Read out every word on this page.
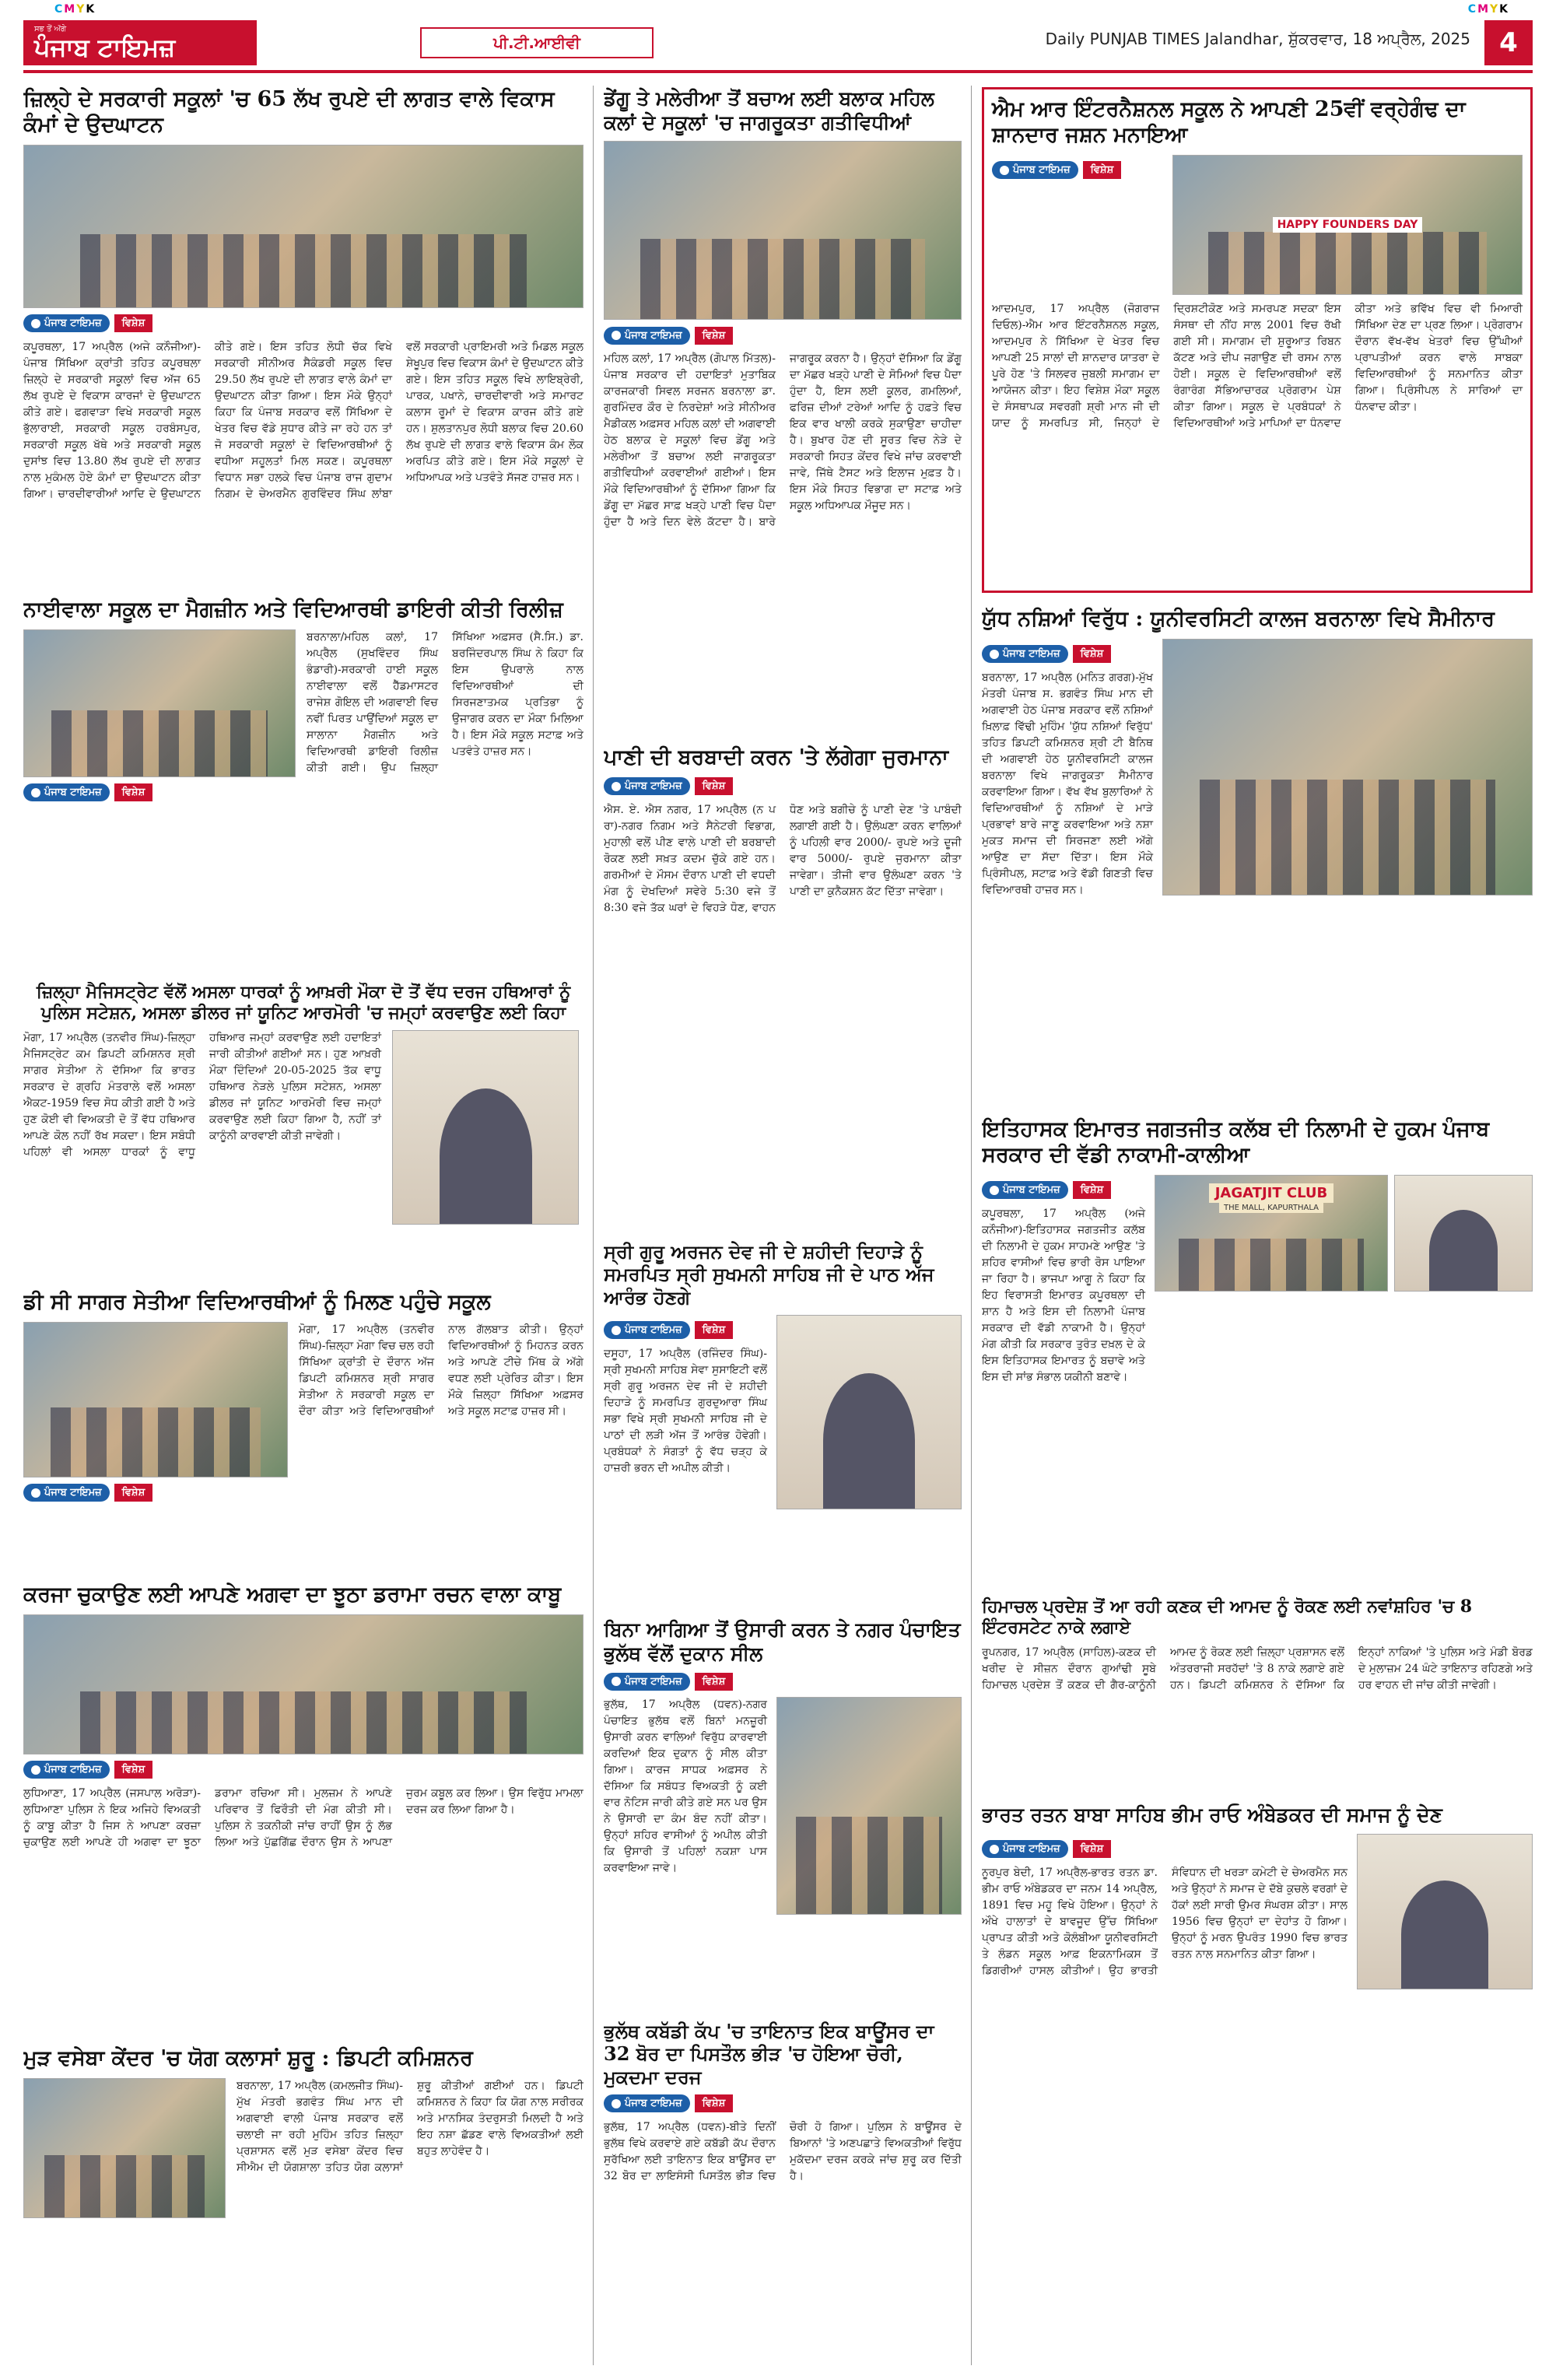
CMYK	CMYK
ਸਭ ਤੋਂ ਅੱਗੇ
ਪੰਜਾਬ ਟਾਇਮਜ਼	ਪੀ.ਟੀ.ਆਈਵੀ	Daily PUNJAB TIMES Jalandhar, ਸ਼ੁੱਕਰਵਾਰ, 18 ਅਪ੍ਰੈਲ, 2025	4
ਜ਼ਿਲ੍ਹੇ ਦੇ ਸਰਕਾਰੀ ਸਕੂਲਾਂ 'ਚ 65 ਲੱਖ ਰੁਪਏ ਦੀ ਲਾਗਤ ਵਾਲੇ ਵਿਕਾਸ ਕੰਮਾਂ ਦੇ ਉਦਘਾਟਨ
ਪੰਜਾਬ ਟਾਇਮਜ਼	ਵਿਸ਼ੇਸ਼
ਕਪੂਰਥਲਾ, 17 ਅਪ੍ਰੈਲ (ਅਜੇ ਕਨੌਜੀਆ)- ਪੰਜਾਬ ਸਿੱਖਿਆ ਕ੍ਰਾਂਤੀ ਤਹਿਤ ਕਪੂਰਥਲਾ ਜ਼ਿਲ੍ਹੇ ਦੇ ਸਰਕਾਰੀ ਸਕੂਲਾਂ ਵਿਚ ਅੱਜ 65 ਲੱਖ ਰੁਪਏ ਦੇ ਵਿਕਾਸ ਕਾਰਜਾਂ ਦੇ ਉਦਘਾਟਨ ਕੀਤੇ ਗਏ। ਫਗਵਾੜਾ ਵਿਖੇ ਸਰਕਾਰੀ ਸਕੂਲ ਭੁੱਲਾਰਾਈ, ਸਰਕਾਰੀ ਸਕੂਲ ਹਰਬੰਸਪੁਰ, ਸਰਕਾਰੀ ਸਕੂਲ ਖੱਥੇ ਅਤੇ ਸਰਕਾਰੀ ਸਕੂਲ ਦੁਸਾਂਝ ਵਿਚ 13.80 ਲੱਖ ਰੁਪਏ ਦੀ ਲਾਗਤ ਨਾਲ ਮੁਕੰਮਲ ਹੋਏ ਕੰਮਾਂ ਦਾ ਉਦਘਾਟਨ ਕੀਤਾ ਗਿਆ। ਚਾਰਦੀਵਾਰੀਆਂ ਆਦਿ ਦੇ ਉਦਘਾਟਨ ਕੀਤੇ ਗਏ। ਇਸ ਤਹਿਤ ਲੋਧੀ ਚੱਕ ਵਿਖੇ ਸਰਕਾਰੀ ਸੀਨੀਅਰ ਸੈਕੰਡਰੀ ਸਕੂਲ ਵਿਚ 29.50 ਲੱਖ ਰੁਪਏ ਦੀ ਲਾਗਤ ਵਾਲੇ ਕੰਮਾਂ ਦਾ ਉਦਘਾਟਨ ਕੀਤਾ ਗਿਆ। ਇਸ ਮੌਕੇ ਉਨ੍ਹਾਂ ਕਿਹਾ ਕਿ ਪੰਜਾਬ ਸਰਕਾਰ ਵਲੋਂ ਸਿੱਖਿਆ ਦੇ ਖੇਤਰ ਵਿਚ ਵੱਡੇ ਸੁਧਾਰ ਕੀਤੇ ਜਾ ਰਹੇ ਹਨ ਤਾਂ ਜੋ ਸਰਕਾਰੀ ਸਕੂਲਾਂ ਦੇ ਵਿਦਿਆਰਥੀਆਂ ਨੂੰ ਵਧੀਆ ਸਹੂਲਤਾਂ ਮਿਲ ਸਕਣ। ਕਪੂਰਥਲਾ ਵਿਧਾਨ ਸਭਾ ਹਲਕੇ ਵਿਚ ਪੰਜਾਬ ਰਾਜ ਗੁਦਾਮ ਨਿਗਮ ਦੇ ਚੇਅਰਮੈਨ ਗੁਰਵਿੰਦਰ ਸਿੰਘ ਲਾਂਬਾ ਵਲੋਂ ਸਰਕਾਰੀ ਪ੍ਰਾਇਮਰੀ ਅਤੇ ਮਿਡਲ ਸਕੂਲ ਸ਼ੇਖੂਪੁਰ ਵਿਚ ਵਿਕਾਸ ਕੰਮਾਂ ਦੇ ਉਦਘਾਟਨ ਕੀਤੇ ਗਏ। ਇਸ ਤਹਿਤ ਸਕੂਲ ਵਿਖੇ ਲਾਇਬ੍ਰੇਰੀ, ਪਾਰਕ, ਪਖਾਨੇ, ਚਾਰਦੀਵਾਰੀ ਅਤੇ ਸਮਾਰਟ ਕਲਾਸ ਰੂਮਾਂ ਦੇ ਵਿਕਾਸ ਕਾਰਜ ਕੀਤੇ ਗਏ ਹਨ। ਸ਼ੁਲਤਾਨਪੁਰ ਲੋਧੀ ਬਲਾਕ ਵਿਚ 20.60 ਲੱਖ ਰੁਪਏ ਦੀ ਲਾਗਤ ਵਾਲੇ ਵਿਕਾਸ ਕੰਮ ਲੋਕ ਅਰਪਿਤ ਕੀਤੇ ਗਏ। ਇਸ ਮੌਕੇ ਸਕੂਲਾਂ ਦੇ ਅਧਿਆਪਕ ਅਤੇ ਪਤਵੰਤੇ ਸੱਜਣ ਹਾਜ਼ਰ ਸਨ।
ਨਾਈਵਾਲਾ ਸਕੂਲ ਦਾ ਮੈਗਜ਼ੀਨ ਅਤੇ ਵਿਦਿਆਰਥੀ ਡਾਇਰੀ ਕੀਤੀ ਰਿਲੀਜ਼
ਪੰਜਾਬ ਟਾਇਮਜ਼	ਵਿਸ਼ੇਸ਼
ਬਰਨਾਲਾ/ਮਹਿਲ ਕਲਾਂ, 17 ਅਪ੍ਰੈਲ (ਸੁਖਵਿੰਦਰ ਸਿੰਘ ਭੰਡਾਰੀ)-ਸਰਕਾਰੀ ਹਾਈ ਸਕੂਲ ਨਾਈਵਾਲਾ ਵਲੋਂ ਹੈੱਡਮਾਸਟਰ ਰਾਜੇਸ਼ ਗੋਇਲ ਦੀ ਅਗਵਾਈ ਵਿਚ ਨਵੀਂ ਪਿਰਤ ਪਾਉਂਦਿਆਂ ਸਕੂਲ ਦਾ ਸਾਲਾਨਾ ਮੈਗਜ਼ੀਨ ਅਤੇ ਵਿਦਿਆਰਥੀ ਡਾਇਰੀ ਰਿਲੀਜ਼ ਕੀਤੀ ਗਈ। ਉਪ ਜ਼ਿਲ੍ਹਾ ਸਿੱਖਿਆ ਅਫ਼ਸਰ (ਸੈ.ਸਿ.) ਡਾ. ਬਰਜਿੰਦਰਪਾਲ ਸਿੰਘ ਨੇ ਕਿਹਾ ਕਿ ਇਸ ਉਪਰਾਲੇ ਨਾਲ ਵਿਦਿਆਰਥੀਆਂ ਦੀ ਸਿਰਜਣਾਤਮਕ ਪ੍ਰਤਿਭਾ ਨੂੰ ਉਜਾਗਰ ਕਰਨ ਦਾ ਮੌਕਾ ਮਿਲਿਆ ਹੈ। ਇਸ ਮੌਕੇ ਸਕੂਲ ਸਟਾਫ਼ ਅਤੇ ਪਤਵੰਤੇ ਹਾਜ਼ਰ ਸਨ।
ਜ਼ਿਲ੍ਹਾ ਮੈਜਿਸਟ੍ਰੇਟ ਵੱਲੋਂ ਅਸਲਾ ਧਾਰਕਾਂ ਨੂੰ ਆਖ਼ਰੀ ਮੌਕਾ ਦੋ ਤੋਂ ਵੱਧ ਦਰਜ ਹਥਿਆਰਾਂ ਨੂੰ ਪੁਲਿਸ ਸਟੇਸ਼ਨ, ਅਸਲਾ ਡੀਲਰ ਜਾਂ ਯੂਨਿਟ ਆਰਮੋਰੀ 'ਚ ਜਮ੍ਹਾਂ ਕਰਵਾਉਣ ਲਈ ਕਿਹਾ
ਮੋਗਾ, 17 ਅਪ੍ਰੈਲ (ਤਨਵੀਰ ਸਿੰਘ)-ਜ਼ਿਲ੍ਹਾ ਮੈਜਿਸਟ੍ਰੇਟ ਕਮ ਡਿਪਟੀ ਕਮਿਸ਼ਨਰ ਸ਼੍ਰੀ ਸਾਗਰ ਸੇਤੀਆ ਨੇ ਦੱਸਿਆ ਕਿ ਭਾਰਤ ਸਰਕਾਰ ਦੇ ਗ੍ਰਹਿ ਮੰਤਰਾਲੇ ਵਲੋਂ ਅਸਲਾ ਐਕਟ-1959 ਵਿਚ ਸੋਧ ਕੀਤੀ ਗਈ ਹੈ ਅਤੇ ਹੁਣ ਕੋਈ ਵੀ ਵਿਅਕਤੀ ਦੋ ਤੋਂ ਵੱਧ ਹਥਿਆਰ ਆਪਣੇ ਕੋਲ ਨਹੀਂ ਰੱਖ ਸਕਦਾ। ਇਸ ਸਬੰਧੀ ਪਹਿਲਾਂ ਵੀ ਅਸਲਾ ਧਾਰਕਾਂ ਨੂੰ ਵਾਧੂ ਹਥਿਆਰ ਜਮ੍ਹਾਂ ਕਰਵਾਉਣ ਲਈ ਹਦਾਇਤਾਂ ਜਾਰੀ ਕੀਤੀਆਂ ਗਈਆਂ ਸਨ। ਹੁਣ ਆਖ਼ਰੀ ਮੌਕਾ ਦਿੰਦਿਆਂ 20-05-2025 ਤੱਕ ਵਾਧੂ ਹਥਿਆਰ ਨੇੜਲੇ ਪੁਲਿਸ ਸਟੇਸ਼ਨ, ਅਸਲਾ ਡੀਲਰ ਜਾਂ ਯੂਨਿਟ ਆਰਮੋਰੀ ਵਿਚ ਜਮ੍ਹਾਂ ਕਰਵਾਉਣ ਲਈ ਕਿਹਾ ਗਿਆ ਹੈ, ਨਹੀਂ ਤਾਂ ਕਾਨੂੰਨੀ ਕਾਰਵਾਈ ਕੀਤੀ ਜਾਵੇਗੀ।
ਡੀ ਸੀ ਸਾਗਰ ਸੇਤੀਆ ਵਿਦਿਆਰਥੀਆਂ ਨੂੰ ਮਿਲਣ ਪਹੁੰਚੇ ਸਕੂਲ
ਪੰਜਾਬ ਟਾਇਮਜ਼	ਵਿਸ਼ੇਸ਼
ਮੋਗਾ, 17 ਅਪ੍ਰੈਲ (ਤਨਵੀਰ ਸਿੰਘ)-ਜ਼ਿਲ੍ਹਾ ਮੋਗਾ ਵਿਚ ਚਲ ਰਹੀ ਸਿੱਖਿਆ ਕ੍ਰਾਂਤੀ ਦੇ ਦੌਰਾਨ ਅੱਜ ਡਿਪਟੀ ਕਮਿਸ਼ਨਰ ਸ਼੍ਰੀ ਸਾਗਰ ਸੇਤੀਆ ਨੇ ਸਰਕਾਰੀ ਸਕੂਲ ਦਾ ਦੌਰਾ ਕੀਤਾ ਅਤੇ ਵਿਦਿਆਰਥੀਆਂ ਨਾਲ ਗੱਲਬਾਤ ਕੀਤੀ। ਉਨ੍ਹਾਂ ਵਿਦਿਆਰਥੀਆਂ ਨੂੰ ਮਿਹਨਤ ਕਰਨ ਅਤੇ ਆਪਣੇ ਟੀਚੇ ਮਿੱਥ ਕੇ ਅੱਗੇ ਵਧਣ ਲਈ ਪ੍ਰੇਰਿਤ ਕੀਤਾ। ਇਸ ਮੌਕੇ ਜ਼ਿਲ੍ਹਾ ਸਿੱਖਿਆ ਅਫ਼ਸਰ ਅਤੇ ਸਕੂਲ ਸਟਾਫ਼ ਹਾਜ਼ਰ ਸੀ।
ਕਰਜਾ ਚੁਕਾਉਣ ਲਈ ਆਪਣੇ ਅਗਵਾ ਦਾ ਝੂਠਾ ਡਰਾਮਾ ਰਚਨ ਵਾਲਾ ਕਾਬੂ
ਪੰਜਾਬ ਟਾਇਮਜ਼	ਵਿਸ਼ੇਸ਼
ਲੁਧਿਆਣਾ, 17 ਅਪ੍ਰੈਲ (ਜਸਪਾਲ ਅਰੋੜਾ)-ਲੁਧਿਆਣਾ ਪੁਲਿਸ ਨੇ ਇਕ ਅਜਿਹੇ ਵਿਅਕਤੀ ਨੂੰ ਕਾਬੂ ਕੀਤਾ ਹੈ ਜਿਸ ਨੇ ਆਪਣਾ ਕਰਜ਼ਾ ਚੁਕਾਉਣ ਲਈ ਆਪਣੇ ਹੀ ਅਗਵਾ ਦਾ ਝੂਠਾ ਡਰਾਮਾ ਰਚਿਆ ਸੀ। ਮੁਲਜ਼ਮ ਨੇ ਆਪਣੇ ਪਰਿਵਾਰ ਤੋਂ ਫਿਰੌਤੀ ਦੀ ਮੰਗ ਕੀਤੀ ਸੀ। ਪੁਲਿਸ ਨੇ ਤਕਨੀਕੀ ਜਾਂਚ ਰਾਹੀਂ ਉਸ ਨੂੰ ਲੱਭ ਲਿਆ ਅਤੇ ਪੁੱਛਗਿੱਛ ਦੌਰਾਨ ਉਸ ਨੇ ਆਪਣਾ ਜੁਰਮ ਕਬੂਲ ਕਰ ਲਿਆ। ਉਸ ਵਿਰੁੱਧ ਮਾਮਲਾ ਦਰਜ ਕਰ ਲਿਆ ਗਿਆ ਹੈ।
ਮੁੜ ਵਸੇਬਾ ਕੇਂਦਰ 'ਚ ਯੋਗ ਕਲਾਸਾਂ ਸ਼ੁਰੂ : ਡਿਪਟੀ ਕਮਿਸ਼ਨਰ
ਬਰਨਾਲਾ, 17 ਅਪ੍ਰੈਲ (ਕਮਲਜੀਤ ਸਿੰਘ)-ਮੁੱਖ ਮੰਤਰੀ ਭਗਵੰਤ ਸਿੰਘ ਮਾਨ ਦੀ ਅਗਵਾਈ ਵਾਲੀ ਪੰਜਾਬ ਸਰਕਾਰ ਵਲੋਂ ਚਲਾਈ ਜਾ ਰਹੀ ਮੁਹਿੰਮ ਤਹਿਤ ਜ਼ਿਲ੍ਹਾ ਪ੍ਰਸ਼ਾਸਨ ਵਲੋਂ ਮੁੜ ਵਸੇਬਾ ਕੇਂਦਰ ਵਿਚ ਸੀਐਮ ਦੀ ਯੋਗਸ਼ਾਲਾ ਤਹਿਤ ਯੋਗ ਕਲਾਸਾਂ ਸ਼ੁਰੂ ਕੀਤੀਆਂ ਗਈਆਂ ਹਨ। ਡਿਪਟੀ ਕਮਿਸ਼ਨਰ ਨੇ ਕਿਹਾ ਕਿ ਯੋਗ ਨਾਲ ਸਰੀਰਕ ਅਤੇ ਮਾਨਸਿਕ ਤੰਦਰੁਸਤੀ ਮਿਲਦੀ ਹੈ ਅਤੇ ਇਹ ਨਸ਼ਾ ਛੱਡਣ ਵਾਲੇ ਵਿਅਕਤੀਆਂ ਲਈ ਬਹੁਤ ਲਾਹੇਵੰਦ ਹੈ।
ਡੇਂਗੂ ਤੇ ਮਲੇਰੀਆ ਤੋਂ ਬਚਾਅ ਲਈ ਬਲਾਕ ਮਹਿਲ ਕਲਾਂ ਦੇ ਸਕੂਲਾਂ 'ਚ ਜਾਗਰੂਕਤਾ ਗਤੀਵਿਧੀਆਂ
ਪੰਜਾਬ ਟਾਇਮਜ਼	ਵਿਸ਼ੇਸ਼
ਮਹਿਲ ਕਲਾਂ, 17 ਅਪ੍ਰੈਲ (ਗੋਪਾਲ ਮਿੱਤਲ)-ਪੰਜਾਬ ਸਰਕਾਰ ਦੀ ਹਦਾਇਤਾਂ ਮੁਤਾਬਿਕ ਕਾਰਜਕਾਰੀ ਸਿਵਲ ਸਰਜਨ ਬਰਨਾਲਾ ਡਾ. ਗੁਰਮਿੰਦਰ ਕੌਰ ਦੇ ਨਿਰਦੇਸ਼ਾਂ ਅਤੇ ਸੀਨੀਅਰ ਮੈਡੀਕਲ ਅਫ਼ਸਰ ਮਹਿਲ ਕਲਾਂ ਦੀ ਅਗਵਾਈ ਹੇਠ ਬਲਾਕ ਦੇ ਸਕੂਲਾਂ ਵਿਚ ਡੇਂਗੂ ਅਤੇ ਮਲੇਰੀਆ ਤੋਂ ਬਚਾਅ ਲਈ ਜਾਗਰੂਕਤਾ ਗਤੀਵਿਧੀਆਂ ਕਰਵਾਈਆਂ ਗਈਆਂ। ਇਸ ਮੌਕੇ ਵਿਦਿਆਰਥੀਆਂ ਨੂੰ ਦੱਸਿਆ ਗਿਆ ਕਿ ਡੇਂਗੂ ਦਾ ਮੱਛਰ ਸਾਫ਼ ਖੜ੍ਹੇ ਪਾਣੀ ਵਿਚ ਪੈਦਾ ਹੁੰਦਾ ਹੈ ਅਤੇ ਦਿਨ ਵੇਲੇ ਕੱਟਦਾ ਹੈ। ਬਾਰੇ ਜਾਗਰੂਕ ਕਰਨਾ ਹੈ। ਉਨ੍ਹਾਂ ਦੱਸਿਆ ਕਿ ਡੇਂਗੂ ਦਾ ਮੱਛਰ ਖੜ੍ਹੇ ਪਾਣੀ ਦੇ ਸੋਮਿਆਂ ਵਿਚ ਪੈਦਾ ਹੁੰਦਾ ਹੈ, ਇਸ ਲਈ ਕੂਲਰ, ਗਮਲਿਆਂ, ਫਰਿਜ਼ ਦੀਆਂ ਟਰੇਆਂ ਆਦਿ ਨੂੰ ਹਫ਼ਤੇ ਵਿਚ ਇਕ ਵਾਰ ਖਾਲੀ ਕਰਕੇ ਸੁਕਾਉਣਾ ਚਾਹੀਦਾ ਹੈ। ਬੁਖਾਰ ਹੋਣ ਦੀ ਸੂਰਤ ਵਿਚ ਨੇੜੇ ਦੇ ਸਰਕਾਰੀ ਸਿਹਤ ਕੇਂਦਰ ਵਿਖੇ ਜਾਂਚ ਕਰਵਾਈ ਜਾਵੇ, ਜਿੱਥੇ ਟੈਸਟ ਅਤੇ ਇਲਾਜ ਮੁਫ਼ਤ ਹੈ। ਇਸ ਮੌਕੇ ਸਿਹਤ ਵਿਭਾਗ ਦਾ ਸਟਾਫ਼ ਅਤੇ ਸਕੂਲ ਅਧਿਆਪਕ ਮੌਜੂਦ ਸਨ।
ਪਾਣੀ ਦੀ ਬਰਬਾਦੀ ਕਰਨ 'ਤੇ ਲੱਗੇਗਾ ਜੁਰਮਾਨਾ
ਪੰਜਾਬ ਟਾਇਮਜ਼	ਵਿਸ਼ੇਸ਼
ਐਸ. ਏ. ਐਸ ਨਗਰ, 17 ਅਪ੍ਰੈਲ (ਨ ਪ ਰਾ)-ਨਗਰ ਨਿਗਮ ਅਤੇ ਸੈਨੇਟਰੀ ਵਿਭਾਗ, ਮੁਹਾਲੀ ਵਲੋਂ ਪੀਣ ਵਾਲੇ ਪਾਣੀ ਦੀ ਬਰਬਾਦੀ ਰੋਕਣ ਲਈ ਸਖ਼ਤ ਕਦਮ ਚੁੱਕੇ ਗਏ ਹਨ। ਗਰਮੀਆਂ ਦੇ ਮੌਸਮ ਦੌਰਾਨ ਪਾਣੀ ਦੀ ਵਧਦੀ ਮੰਗ ਨੂੰ ਦੇਖਦਿਆਂ ਸਵੇਰੇ 5:30 ਵਜੇ ਤੋਂ 8:30 ਵਜੇ ਤੱਕ ਘਰਾਂ ਦੇ ਵਿਹੜੇ ਧੋਣ, ਵਾਹਨ ਧੋਣ ਅਤੇ ਬਗੀਚੇ ਨੂੰ ਪਾਣੀ ਦੇਣ 'ਤੇ ਪਾਬੰਦੀ ਲਗਾਈ ਗਈ ਹੈ। ਉਲੰਘਣਾ ਕਰਨ ਵਾਲਿਆਂ ਨੂੰ ਪਹਿਲੀ ਵਾਰ 2000/- ਰੁਪਏ ਅਤੇ ਦੂਜੀ ਵਾਰ 5000/- ਰੁਪਏ ਜੁਰਮਾਨਾ ਕੀਤਾ ਜਾਵੇਗਾ। ਤੀਜੀ ਵਾਰ ਉਲੰਘਣਾ ਕਰਨ 'ਤੇ ਪਾਣੀ ਦਾ ਕੁਨੈਕਸ਼ਨ ਕੱਟ ਦਿੱਤਾ ਜਾਵੇਗਾ।
ਸ੍ਰੀ ਗੁਰੂ ਅਰਜਨ ਦੇਵ ਜੀ ਦੇ ਸ਼ਹੀਦੀ ਦਿਹਾੜੇ ਨੂੰ ਸਮਰਪਿਤ ਸ੍ਰੀ ਸੁਖਮਨੀ ਸਾਹਿਬ ਜੀ ਦੇ ਪਾਠ ਅੱਜ ਆਰੰਭ ਹੋਣਗੇ
ਪੰਜਾਬ ਟਾਇਮਜ਼	ਵਿਸ਼ੇਸ਼
ਦਸੂਹਾ, 17 ਅਪ੍ਰੈਲ (ਰਜਿੰਦਰ ਸਿੰਘ)-ਸ੍ਰੀ ਸੁਖਮਨੀ ਸਾਹਿਬ ਸੇਵਾ ਸੁਸਾਇਟੀ ਵਲੋਂ ਸ੍ਰੀ ਗੁਰੂ ਅਰਜਨ ਦੇਵ ਜੀ ਦੇ ਸ਼ਹੀਦੀ ਦਿਹਾੜੇ ਨੂੰ ਸਮਰਪਿਤ ਗੁਰਦੁਆਰਾ ਸਿੰਘ ਸਭਾ ਵਿਖੇ ਸ੍ਰੀ ਸੁਖਮਨੀ ਸਾਹਿਬ ਜੀ ਦੇ ਪਾਠਾਂ ਦੀ ਲੜੀ ਅੱਜ ਤੋਂ ਆਰੰਭ ਹੋਵੇਗੀ। ਪ੍ਰਬੰਧਕਾਂ ਨੇ ਸੰਗਤਾਂ ਨੂੰ ਵੱਧ ਚੜ੍ਹ ਕੇ ਹਾਜ਼ਰੀ ਭਰਨ ਦੀ ਅਪੀਲ ਕੀਤੀ।
ਬਿਨਾ ਆਗਿਆ ਤੋਂ ਉਸਾਰੀ ਕਰਨ ਤੇ ਨਗਰ ਪੰਚਾਇਤ ਭੁਲੱਥ ਵੱਲੋਂ ਦੁਕਾਨ ਸੀਲ
ਪੰਜਾਬ ਟਾਇਮਜ਼	ਵਿਸ਼ੇਸ਼
ਭੁਲੱਥ, 17 ਅਪ੍ਰੈਲ (ਧਵਨ)-ਨਗਰ ਪੰਚਾਇਤ ਭੁਲੱਥ ਵਲੋਂ ਬਿਨਾਂ ਮਨਜ਼ੂਰੀ ਉਸਾਰੀ ਕਰਨ ਵਾਲਿਆਂ ਵਿਰੁੱਧ ਕਾਰਵਾਈ ਕਰਦਿਆਂ ਇਕ ਦੁਕਾਨ ਨੂੰ ਸੀਲ ਕੀਤਾ ਗਿਆ। ਕਾਰਜ ਸਾਧਕ ਅਫ਼ਸਰ ਨੇ ਦੱਸਿਆ ਕਿ ਸਬੰਧਤ ਵਿਅਕਤੀ ਨੂੰ ਕਈ ਵਾਰ ਨੋਟਿਸ ਜਾਰੀ ਕੀਤੇ ਗਏ ਸਨ ਪਰ ਉਸ ਨੇ ਉਸਾਰੀ ਦਾ ਕੰਮ ਬੰਦ ਨਹੀਂ ਕੀਤਾ। ਉਨ੍ਹਾਂ ਸ਼ਹਿਰ ਵਾਸੀਆਂ ਨੂੰ ਅਪੀਲ ਕੀਤੀ ਕਿ ਉਸਾਰੀ ਤੋਂ ਪਹਿਲਾਂ ਨਕਸ਼ਾ ਪਾਸ ਕਰਵਾਇਆ ਜਾਵੇ।
ਭੁਲੱਥ ਕਬੱਡੀ ਕੱਪ 'ਚ ਤਾਇਨਾਤ ਇਕ ਬਾਊਂਸਰ ਦਾ 32 ਬੋਰ ਦਾ ਪਿਸਤੌਲ ਭੀੜ 'ਚ ਹੋਇਆ ਚੋਰੀ, ਮੁਕਦਮਾ ਦਰਜ
ਪੰਜਾਬ ਟਾਇਮਜ਼	ਵਿਸ਼ੇਸ਼
ਭੁਲੱਥ, 17 ਅਪ੍ਰੈਲ (ਧਵਨ)-ਬੀਤੇ ਦਿਨੀਂ ਭੁਲੱਥ ਵਿਖੇ ਕਰਵਾਏ ਗਏ ਕਬੱਡੀ ਕੱਪ ਦੌਰਾਨ ਸੁਰੱਖਿਆ ਲਈ ਤਾਇਨਾਤ ਇਕ ਬਾਊਂਸਰ ਦਾ 32 ਬੋਰ ਦਾ ਲਾਇਸੰਸੀ ਪਿਸਤੌਲ ਭੀੜ ਵਿਚ ਚੋਰੀ ਹੋ ਗਿਆ। ਪੁਲਿਸ ਨੇ ਬਾਊਂਸਰ ਦੇ ਬਿਆਨਾਂ 'ਤੇ ਅਣਪਛਾਤੇ ਵਿਅਕਤੀਆਂ ਵਿਰੁੱਧ ਮੁਕੱਦਮਾ ਦਰਜ ਕਰਕੇ ਜਾਂਚ ਸ਼ੁਰੂ ਕਰ ਦਿੱਤੀ ਹੈ।
ਐਮ ਆਰ ਇੰਟਰਨੈਸ਼ਨਲ ਸਕੂਲ ਨੇ ਆਪਣੀ 25ਵੀਂ ਵਰ੍ਹੇਗੰਢ ਦਾ ਸ਼ਾਨਦਾਰ ਜਸ਼ਨ ਮਨਾਇਆ
ਪੰਜਾਬ ਟਾਇਮਜ਼	ਵਿਸ਼ੇਸ਼
HAPPY FOUNDERS DAY
ਆਦਮਪੁਰ, 17 ਅਪ੍ਰੈਲ (ਜੋਗਰਾਜ ਦਿਓਲ)-ਐਮ ਆਰ ਇੰਟਰਨੈਸ਼ਨਲ ਸਕੂਲ, ਆਦਮਪੁਰ ਨੇ ਸਿੱਖਿਆ ਦੇ ਖੇਤਰ ਵਿਚ ਆਪਣੀ 25 ਸਾਲਾਂ ਦੀ ਸ਼ਾਨਦਾਰ ਯਾਤਰਾ ਦੇ ਪੂਰੇ ਹੋਣ 'ਤੇ ਸਿਲਵਰ ਜੁਬਲੀ ਸਮਾਗਮ ਦਾ ਆਯੋਜਨ ਕੀਤਾ। ਇਹ ਵਿਸ਼ੇਸ਼ ਮੌਕਾ ਸਕੂਲ ਦੇ ਸੰਸਥਾਪਕ ਸਵਰਗੀ ਸ਼੍ਰੀ ਮਾਨ ਜੀ ਦੀ ਯਾਦ ਨੂੰ ਸਮਰਪਿਤ ਸੀ, ਜਿਨ੍ਹਾਂ ਦੇ ਦ੍ਰਿਸ਼ਟੀਕੋਣ ਅਤੇ ਸਮਰਪਣ ਸਦਕਾ ਇਸ ਸੰਸਥਾ ਦੀ ਨੀਂਹ ਸਾਲ 2001 ਵਿਚ ਰੱਖੀ ਗਈ ਸੀ। ਸਮਾਗਮ ਦੀ ਸ਼ੁਰੂਆਤ ਰਿਬਨ ਕੱਟਣ ਅਤੇ ਦੀਪ ਜਗਾਉਣ ਦੀ ਰਸਮ ਨਾਲ ਹੋਈ। ਸਕੂਲ ਦੇ ਵਿਦਿਆਰਥੀਆਂ ਵਲੋਂ ਰੰਗਾਰੰਗ ਸੱਭਿਆਚਾਰਕ ਪ੍ਰੋਗਰਾਮ ਪੇਸ਼ ਕੀਤਾ ਗਿਆ। ਸਕੂਲ ਦੇ ਪ੍ਰਬੰਧਕਾਂ ਨੇ ਵਿਦਿਆਰਥੀਆਂ ਅਤੇ ਮਾਪਿਆਂ ਦਾ ਧੰਨਵਾਦ ਕੀਤਾ ਅਤੇ ਭਵਿੱਖ ਵਿਚ ਵੀ ਮਿਆਰੀ ਸਿੱਖਿਆ ਦੇਣ ਦਾ ਪ੍ਰਣ ਲਿਆ। ਪ੍ਰੋਗਰਾਮ ਦੌਰਾਨ ਵੱਖ-ਵੱਖ ਖੇਤਰਾਂ ਵਿਚ ਉੱਘੀਆਂ ਪ੍ਰਾਪਤੀਆਂ ਕਰਨ ਵਾਲੇ ਸਾਬਕਾ ਵਿਦਿਆਰਥੀਆਂ ਨੂੰ ਸਨਮਾਨਿਤ ਕੀਤਾ ਗਿਆ। ਪ੍ਰਿੰਸੀਪਲ ਨੇ ਸਾਰਿਆਂ ਦਾ ਧੰਨਵਾਦ ਕੀਤਾ।
ਯੁੱਧ ਨਸ਼ਿਆਂ ਵਿਰੁੱਧ : ਯੂਨੀਵਰਸਿਟੀ ਕਾਲਜ ਬਰਨਾਲਾ ਵਿਖੇ ਸੈਮੀਨਾਰ
ਪੰਜਾਬ ਟਾਇਮਜ਼	ਵਿਸ਼ੇਸ਼
ਬਰਨਾਲਾ, 17 ਅਪ੍ਰੈਲ (ਮਨਿਤ ਗਰਗ)-ਮੁੱਖ ਮੰਤਰੀ ਪੰਜਾਬ ਸ. ਭਗਵੰਤ ਸਿੰਘ ਮਾਨ ਦੀ ਅਗਵਾਈ ਹੇਠ ਪੰਜਾਬ ਸਰਕਾਰ ਵਲੋਂ ਨਸ਼ਿਆਂ ਖ਼ਿਲਾਫ਼ ਵਿੱਢੀ ਮੁਹਿੰਮ 'ਯੁੱਧ ਨਸ਼ਿਆਂ ਵਿਰੁੱਧ' ਤਹਿਤ ਡਿਪਟੀ ਕਮਿਸ਼ਨਰ ਸ਼੍ਰੀ ਟੀ ਬੈਨਿਥ ਦੀ ਅਗਵਾਈ ਹੇਠ ਯੂਨੀਵਰਸਿਟੀ ਕਾਲਜ ਬਰਨਾਲਾ ਵਿਖੇ ਜਾਗਰੂਕਤਾ ਸੈਮੀਨਾਰ ਕਰਵਾਇਆ ਗਿਆ। ਵੱਖ ਵੱਖ ਬੁਲਾਰਿਆਂ ਨੇ ਵਿਦਿਆਰਥੀਆਂ ਨੂੰ ਨਸ਼ਿਆਂ ਦੇ ਮਾੜੇ ਪ੍ਰਭਾਵਾਂ ਬਾਰੇ ਜਾਣੂ ਕਰਵਾਇਆ ਅਤੇ ਨਸ਼ਾ ਮੁਕਤ ਸਮਾਜ ਦੀ ਸਿਰਜਣਾ ਲਈ ਅੱਗੇ ਆਉਣ ਦਾ ਸੱਦਾ ਦਿੱਤਾ। ਇਸ ਮੌਕੇ ਪ੍ਰਿੰਸੀਪਲ, ਸਟਾਫ਼ ਅਤੇ ਵੱਡੀ ਗਿਣਤੀ ਵਿਚ ਵਿਦਿਆਰਥੀ ਹਾਜ਼ਰ ਸਨ।
ਇਤਿਹਾਸਕ ਇਮਾਰਤ ਜਗਤਜੀਤ ਕਲੱਬ ਦੀ ਨਿਲਾਮੀ ਦੇ ਹੁਕਮ ਪੰਜਾਬ ਸਰਕਾਰ ਦੀ ਵੱਡੀ ਨਾਕਾਮੀ-ਕਾਲੀਆ
ਪੰਜਾਬ ਟਾਇਮਜ਼	ਵਿਸ਼ੇਸ਼
ਕਪੂਰਥਲਾ, 17 ਅਪ੍ਰੈਲ (ਅਜੇ ਕਨੌਜੀਆ)-ਇਤਿਹਾਸਕ ਜਗਤਜੀਤ ਕਲੱਬ ਦੀ ਨਿਲਾਮੀ ਦੇ ਹੁਕਮ ਸਾਹਮਣੇ ਆਉਣ 'ਤੇ ਸ਼ਹਿਰ ਵਾਸੀਆਂ ਵਿਚ ਭਾਰੀ ਰੋਸ ਪਾਇਆ ਜਾ ਰਿਹਾ ਹੈ। ਭਾਜਪਾ ਆਗੂ ਨੇ ਕਿਹਾ ਕਿ ਇਹ ਵਿਰਾਸਤੀ ਇਮਾਰਤ ਕਪੂਰਥਲਾ ਦੀ ਸ਼ਾਨ ਹੈ ਅਤੇ ਇਸ ਦੀ ਨਿਲਾਮੀ ਪੰਜਾਬ ਸਰਕਾਰ ਦੀ ਵੱਡੀ ਨਾਕਾਮੀ ਹੈ। ਉਨ੍ਹਾਂ ਮੰਗ ਕੀਤੀ ਕਿ ਸਰਕਾਰ ਤੁਰੰਤ ਦਖ਼ਲ ਦੇ ਕੇ ਇਸ ਇਤਿਹਾਸਕ ਇਮਾਰਤ ਨੂੰ ਬਚਾਵੇ ਅਤੇ ਇਸ ਦੀ ਸਾਂਭ ਸੰਭਾਲ ਯਕੀਨੀ ਬਣਾਵੇ।
JAGATJIT CLUB
THE MALL, KAPURTHALA
ਹਿਮਾਚਲ ਪ੍ਰਦੇਸ਼ ਤੋਂ ਆ ਰਹੀ ਕਣਕ ਦੀ ਆਮਦ ਨੂੰ ਰੋਕਣ ਲਈ ਨਵਾਂਸ਼ਹਿਰ 'ਚ 8 ਇੰਟਰਸਟੇਟ ਨਾਕੇ ਲਗਾਏ
ਰੂਪਨਗਰ, 17 ਅਪ੍ਰੈਲ (ਸਾਹਿਲ)-ਕਣਕ ਦੀ ਖਰੀਦ ਦੇ ਸੀਜ਼ਨ ਦੌਰਾਨ ਗੁਆਂਢੀ ਸੂਬੇ ਹਿਮਾਚਲ ਪ੍ਰਦੇਸ਼ ਤੋਂ ਕਣਕ ਦੀ ਗੈਰ-ਕਾਨੂੰਨੀ ਆਮਦ ਨੂੰ ਰੋਕਣ ਲਈ ਜ਼ਿਲ੍ਹਾ ਪ੍ਰਸ਼ਾਸਨ ਵਲੋਂ ਅੰਤਰਰਾਜੀ ਸਰਹੱਦਾਂ 'ਤੇ 8 ਨਾਕੇ ਲਗਾਏ ਗਏ ਹਨ। ਡਿਪਟੀ ਕਮਿਸ਼ਨਰ ਨੇ ਦੱਸਿਆ ਕਿ ਇਨ੍ਹਾਂ ਨਾਕਿਆਂ 'ਤੇ ਪੁਲਿਸ ਅਤੇ ਮੰਡੀ ਬੋਰਡ ਦੇ ਮੁਲਾਜ਼ਮ 24 ਘੰਟੇ ਤਾਇਨਾਤ ਰਹਿਣਗੇ ਅਤੇ ਹਰ ਵਾਹਨ ਦੀ ਜਾਂਚ ਕੀਤੀ ਜਾਵੇਗੀ।
ਭਾਰਤ ਰਤਨ ਬਾਬਾ ਸਾਹਿਬ ਭੀਮ ਰਾਓ ਅੰਬੇਡਕਰ ਦੀ ਸਮਾਜ ਨੂੰ ਦੇਣ
ਪੰਜਾਬ ਟਾਇਮਜ਼	ਵਿਸ਼ੇਸ਼
ਨੂਰਪੁਰ ਬੇਦੀ, 17 ਅਪ੍ਰੈਲ-ਭਾਰਤ ਰਤਨ ਡਾ. ਭੀਮ ਰਾਓ ਅੰਬੇਡਕਰ ਦਾ ਜਨਮ 14 ਅਪ੍ਰੈਲ, 1891 ਵਿਚ ਮਹੂ ਵਿਖੇ ਹੋਇਆ। ਉਨ੍ਹਾਂ ਨੇ ਔਖੇ ਹਾਲਾਤਾਂ ਦੇ ਬਾਵਜੂਦ ਉੱਚ ਸਿੱਖਿਆ ਪ੍ਰਾਪਤ ਕੀਤੀ ਅਤੇ ਕੋਲੰਬੀਆ ਯੂਨੀਵਰਸਿਟੀ ਤੇ ਲੰਡਨ ਸਕੂਲ ਆਫ਼ ਇਕਨਾਮਿਕਸ ਤੋਂ ਡਿਗਰੀਆਂ ਹਾਸਲ ਕੀਤੀਆਂ। ਉਹ ਭਾਰਤੀ ਸੰਵਿਧਾਨ ਦੀ ਖਰੜਾ ਕਮੇਟੀ ਦੇ ਚੇਅਰਮੈਨ ਸਨ ਅਤੇ ਉਨ੍ਹਾਂ ਨੇ ਸਮਾਜ ਦੇ ਦੱਬੇ ਕੁਚਲੇ ਵਰਗਾਂ ਦੇ ਹੱਕਾਂ ਲਈ ਸਾਰੀ ਉਮਰ ਸੰਘਰਸ਼ ਕੀਤਾ। ਸਾਲ 1956 ਵਿਚ ਉਨ੍ਹਾਂ ਦਾ ਦੇਹਾਂਤ ਹੋ ਗਿਆ। ਉਨ੍ਹਾਂ ਨੂੰ ਮਰਨ ਉਪਰੰਤ 1990 ਵਿਚ ਭਾਰਤ ਰਤਨ ਨਾਲ ਸਨਮਾਨਿਤ ਕੀਤਾ ਗਿਆ।
